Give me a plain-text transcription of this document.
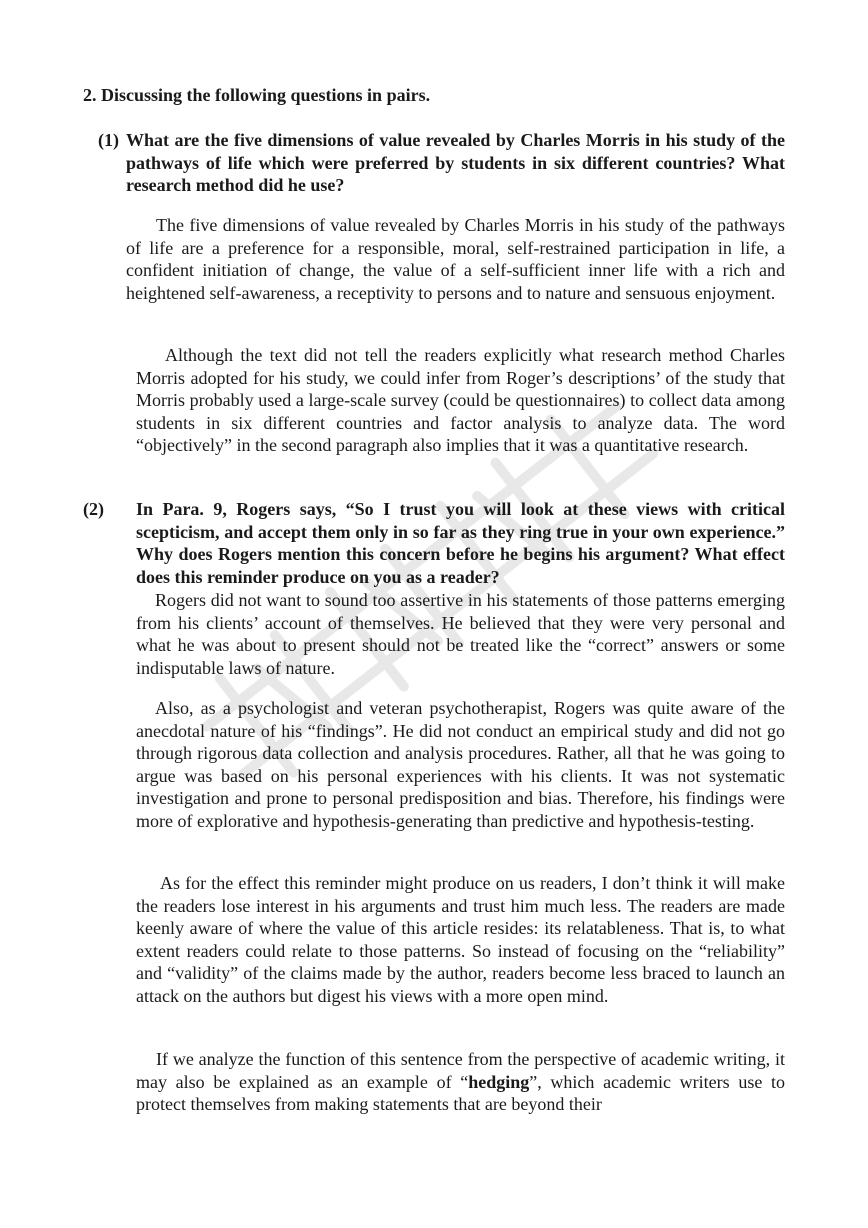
2. Discussing the following questions in pairs.
(1) What are the five dimensions of value revealed by Charles Morris in his study of the pathways of life which were preferred by students in six different countries? What research method did he use?
The five dimensions of value revealed by Charles Morris in his study of the pathways of life are a preference for a responsible, moral, self-restrained participation in life, a confident initiation of change, the value of a self-sufficient inner life with a rich and heightened self-awareness, a receptivity to persons and to nature and sensuous enjoyment.
Although the text did not tell the readers explicitly what research method Charles Morris adopted for his study, we could infer from Roger’s descriptions’ of the study that Morris probably used a large-scale survey (could be questionnaires) to collect data among students in six different countries and factor analysis to analyze data. The word “objectively” in the second paragraph also implies that it was a quantitative research.
(2) In Para. 9, Rogers says, “So I trust you will look at these views with critical scepticism, and accept them only in so far as they ring true in your own experience.” Why does Rogers mention this concern before he begins his argument? What effect does this reminder produce on you as a reader?
Rogers did not want to sound too assertive in his statements of those patterns emerging from his clients’ account of themselves. He believed that they were very personal and what he was about to present should not be treated like the “correct” answers or some indisputable laws of nature.
Also, as a psychologist and veteran psychotherapist, Rogers was quite aware of the anecdotal nature of his “findings”. He did not conduct an empirical study and did not go through rigorous data collection and analysis procedures. Rather, all that he was going to argue was based on his personal experiences with his clients. It was not systematic investigation and prone to personal predisposition and bias. Therefore, his findings were more of explorative and hypothesis-generating than predictive and hypothesis-testing.
As for the effect this reminder might produce on us readers, I don’t think it will make the readers lose interest in his arguments and trust him much less. The readers are made keenly aware of where the value of this article resides: its relatableness. That is, to what extent readers could relate to those patterns. So instead of focusing on the “reliability” and “validity” of the claims made by the author, readers become less braced to launch an attack on the authors but digest his views with a more open mind.
If we analyze the function of this sentence from the perspective of academic writing, it may also be explained as an example of “hedging”, which academic writers use to protect themselves from making statements that are beyond their
